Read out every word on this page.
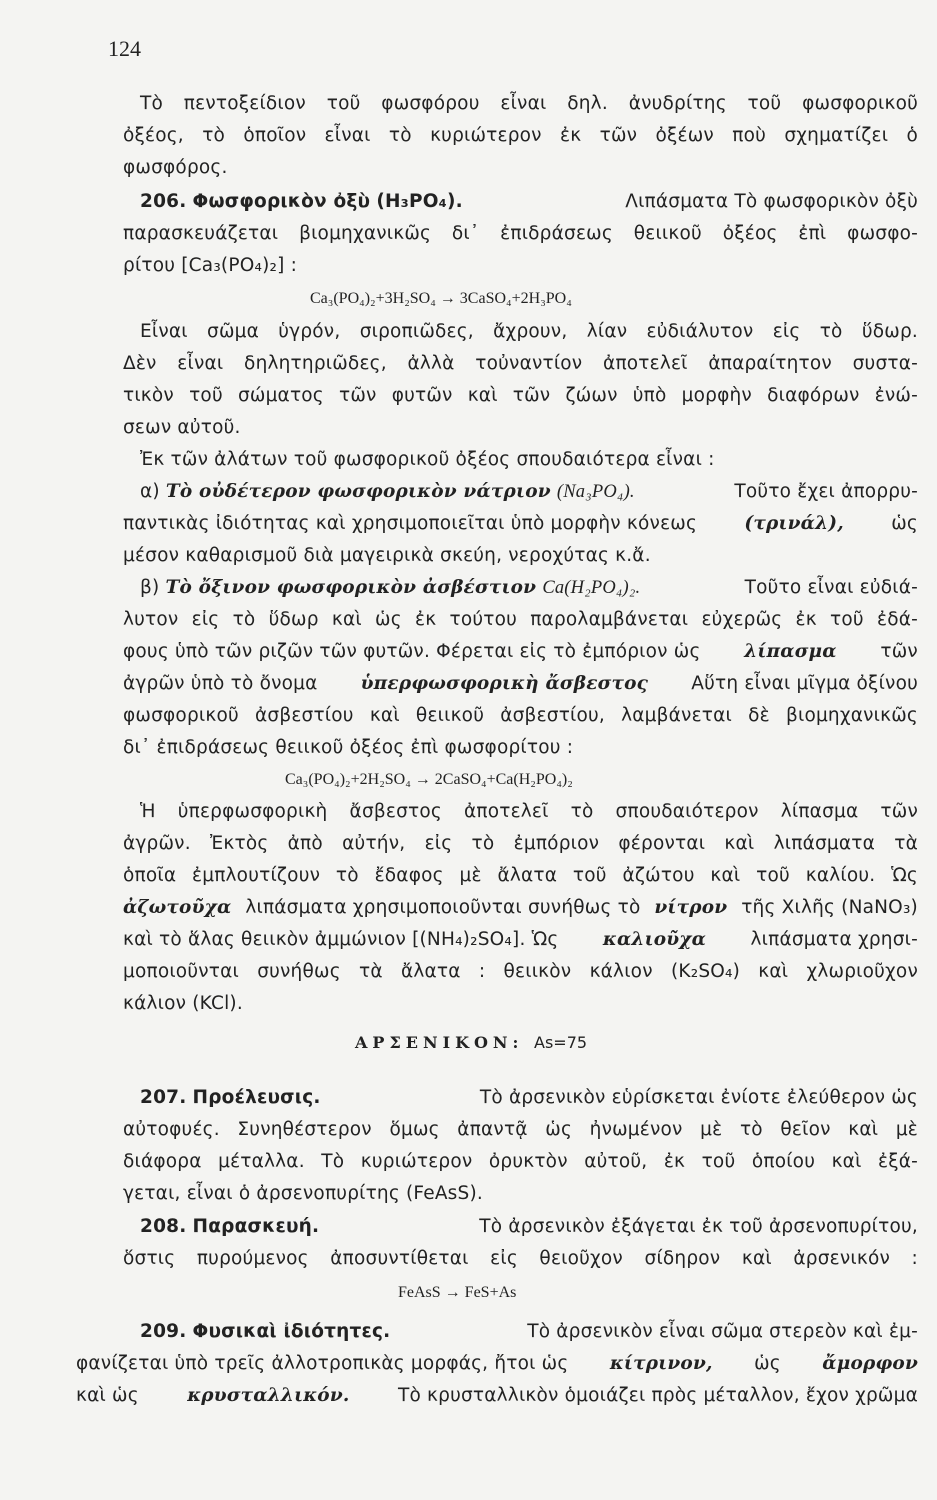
124
Τὸ πεντοξείδιον τοῦ φωσφόρου εἶναι δηλ. ἀνυδρίτης τοῦ φωσφορικοῦ
ὀξέος, τὸ ὁποῖον εἶναι τὸ κυριώτερον ἐκ τῶν ὀξέων ποὺ σχηματίζει ὁ
φωσφόρος.
206. Φωσφορικὸν ὀξὺ (H₃PO₄).	Λιπάσματα Τὸ φωσφορικὸν ὀξὺ
παρασκευάζεται βιομηχανικῶς δι᾽ ἐπιδράσεως θειικοῦ ὀξέος ἐπὶ φωσφο-
ρίτου [Ca₃(PO₄)₂] :
Ca₃(PO₄)₂+3H₂SO₄ → 3CaSO₄+2H₃PO₄
Εἶναι σῶμα ὑγρόν, σιροπιῶδες, ἄχρουν, λίαν εὐδιάλυτον εἰς τὸ ὕδωρ.
Δὲν εἶναι δηλητηριῶδες, ἀλλὰ τοὐναντίον ἀποτελεῖ ἀπαραίτητον συστα-
τικὸν τοῦ σώματος τῶν φυτῶν καὶ τῶν ζώων ὑπὸ μορφὴν διαφόρων ἐνώ-
σεων αὐτοῦ.
Ἐκ τῶν ἀλάτων τοῦ φωσφορικοῦ ὀξέος σπουδαιότερα εἶναι :
α) Τὸ οὐδέτερον φωσφορικὸν νάτριον (Na₃PO₄).	Τοῦτο ἔχει ἀπορρυ-
παντικὰς ἰδιότητας καὶ χρησιμοποιεῖται ὑπὸ μορφὴν κόνεως	(τρινάλ),	ὡς
μέσον καθαρισμοῦ διὰ μαγειρικὰ σκεύη, νεροχύτας κ.ἄ.
β) Τὸ ὄξινον φωσφορικὸν ἀσβέστιον Ca(H₂PO₄)₂.	Τοῦτο εἶναι εὐδιά-
λυτον εἰς τὸ ὕδωρ καὶ ὡς ἐκ τούτου παρολαμβάνεται εὐχερῶς ἐκ τοῦ ἐδά-
φους ὑπὸ τῶν ριζῶν τῶν φυτῶν. Φέρεται εἰς τὸ ἐμπόριον ὡς λίπασμα τῶν
ἀγρῶν ὑπὸ τὸ ὄνομα ὑπερφωσφορικὴ ἄσβεστος Αὕτη εἶναι μῖγμα ὀξίνου
φωσφορικοῦ ἀσβεστίου καὶ θειικοῦ ἀσβεστίου, λαμβάνεται δὲ βιομηχανικῶς
δι᾽ ἐπιδράσεως θειικοῦ ὀξέος ἐπὶ φωσφορίτου :
Ca₃(PO₄)₂+2H₂SO₄ → 2CaSO₄+Ca(H₂PO₄)₂
Ἡ ὑπερφωσφορικὴ ἄσβεστος ἀποτελεῖ τὸ σπουδαιότερον λίπασμα τῶν
ἀγρῶν. Ἐκτὸς ἀπὸ αὐτήν, εἰς τὸ ἐμπόριον φέρονται καὶ λιπάσματα τὰ
ὁποῖα ἐμπλουτίζουν τὸ ἔδαφος μὲ ἄλατα τοῦ ἀζώτου καὶ τοῦ καλίου. Ὡς
ἀζωτοῦχα λιπάσματα χρησιμοποιοῦνται συνήθως τὸ νίτρον τῆς Χιλῆς (NaNO₃)
καὶ τὸ ἅλας θειικὸν ἀμμώνιον [(NH₄)₂SO₄]. Ὡς καλιοῦχα λιπάσματα χρησι-
μοποιοῦνται συνήθως τὰ ἄλατα : θειικὸν κάλιον (K₂SO₄) καὶ χλωριοῦχον
κάλιον (KCl).
ΑΡΣΕΝΙΚΟΝ: As=75
207. Προέλευσις.	Τὸ ἀρσενικὸν εὑρίσκεται ἐνίοτε ἐλεύθερον ὡς
αὐτοφυές. Συνηθέστερον ὅμως ἀπαντᾷ ὡς ἠνωμένον μὲ τὸ θεῖον καὶ μὲ
διάφορα μέταλλα. Τὸ κυριώτερον ὀρυκτὸν αὐτοῦ, ἐκ τοῦ ὁποίου καὶ ἐξά-
γεται, εἶναι ὁ ἀρσενοπυρίτης (FeAsS).
208. Παρασκευή.	Τὸ ἀρσενικὸν ἐξάγεται ἐκ τοῦ ἀρσενοπυρίτου,
ὅστις πυρούμενος ἀποσυντίθεται εἰς θειοῦχον σίδηρον καὶ ἀρσενικόν :
FeAsS → FeS+As
209. Φυσικαὶ ἰδιότητες.	Τὸ ἀρσενικὸν εἶναι σῶμα στερεὸν καὶ ἐμ-
φανίζεται ὑπὸ τρεῖς ἀλλοτροπικὰς μορφάς, ἤτοι ὡς κίτρινον, ὡς ἄμορφον
καὶ ὡς	κρυσταλλικόν.	Τὸ κρυσταλλικὸν ὁμοιάζει πρὸς μέταλλον, ἔχον χρῶμα
